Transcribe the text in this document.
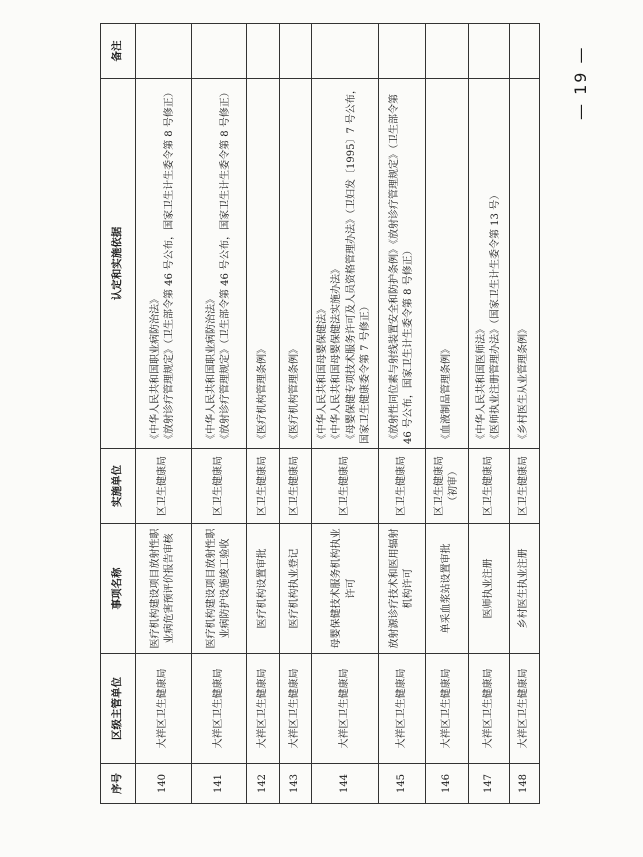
序号	区级主管单位	事项名称	实施单位	认定和实施依据	备注
140	大祥区卫生健康局	医疗机构建设项目放射性职业病危害预评价报告审核	区卫生健康局	《中华人民共和国职业病防治法》 《放射诊疗管理规定》（卫生部令第 46 号公布，国家卫生计生委令第 8 号修正）	

141	大祥区卫生健康局	医疗机构建设项目放射性职业病防护设施竣工验收	区卫生健康局	《中华人民共和国职业病防治法》 《放射诊疗管理规定》（卫生部令第 46 号公布，国家卫生计生委令第 8 号修正）	

142	大祥区卫生健康局	医疗机构设置审批	区卫生健康局	《医疗机构管理条例》	

143	大祥区卫生健康局	医疗机构执业登记	区卫生健康局	《医疗机构管理条例》	

144	大祥区卫生健康局	母婴保健技术服务机构执业许可	区卫生健康局	《中华人民共和国母婴保健法》 《中华人民共和国母婴保健法实施办法》 《母婴保健专项技术服务许可及人员资格管理办法》（卫妇发〔1995〕7 号公布，国家卫生健康委令第 7 号修正）	

145	大祥区卫生健康局	放射源诊疗技术和医用辐射机构许可	区卫生健康局	《放射性同位素与射线装置安全和防护条例》《放射诊疗管理规定》（卫生部令第 46 号公布，国家卫生计生委令第 8 号修正）	

146	大祥区卫生健康局	单采血浆站设置审批	区卫生健康局（初审）	《血液制品管理条例》	

147	大祥区卫生健康局	医师执业注册	区卫生健康局	《中华人民共和国医师法》 《医师执业注册管理办法》（国家卫生计生委令第 13 号）	

148	大祥区卫生健康局	乡村医生执业注册	区卫生健康局	《乡村医生从业管理条例》	

— 19 —
